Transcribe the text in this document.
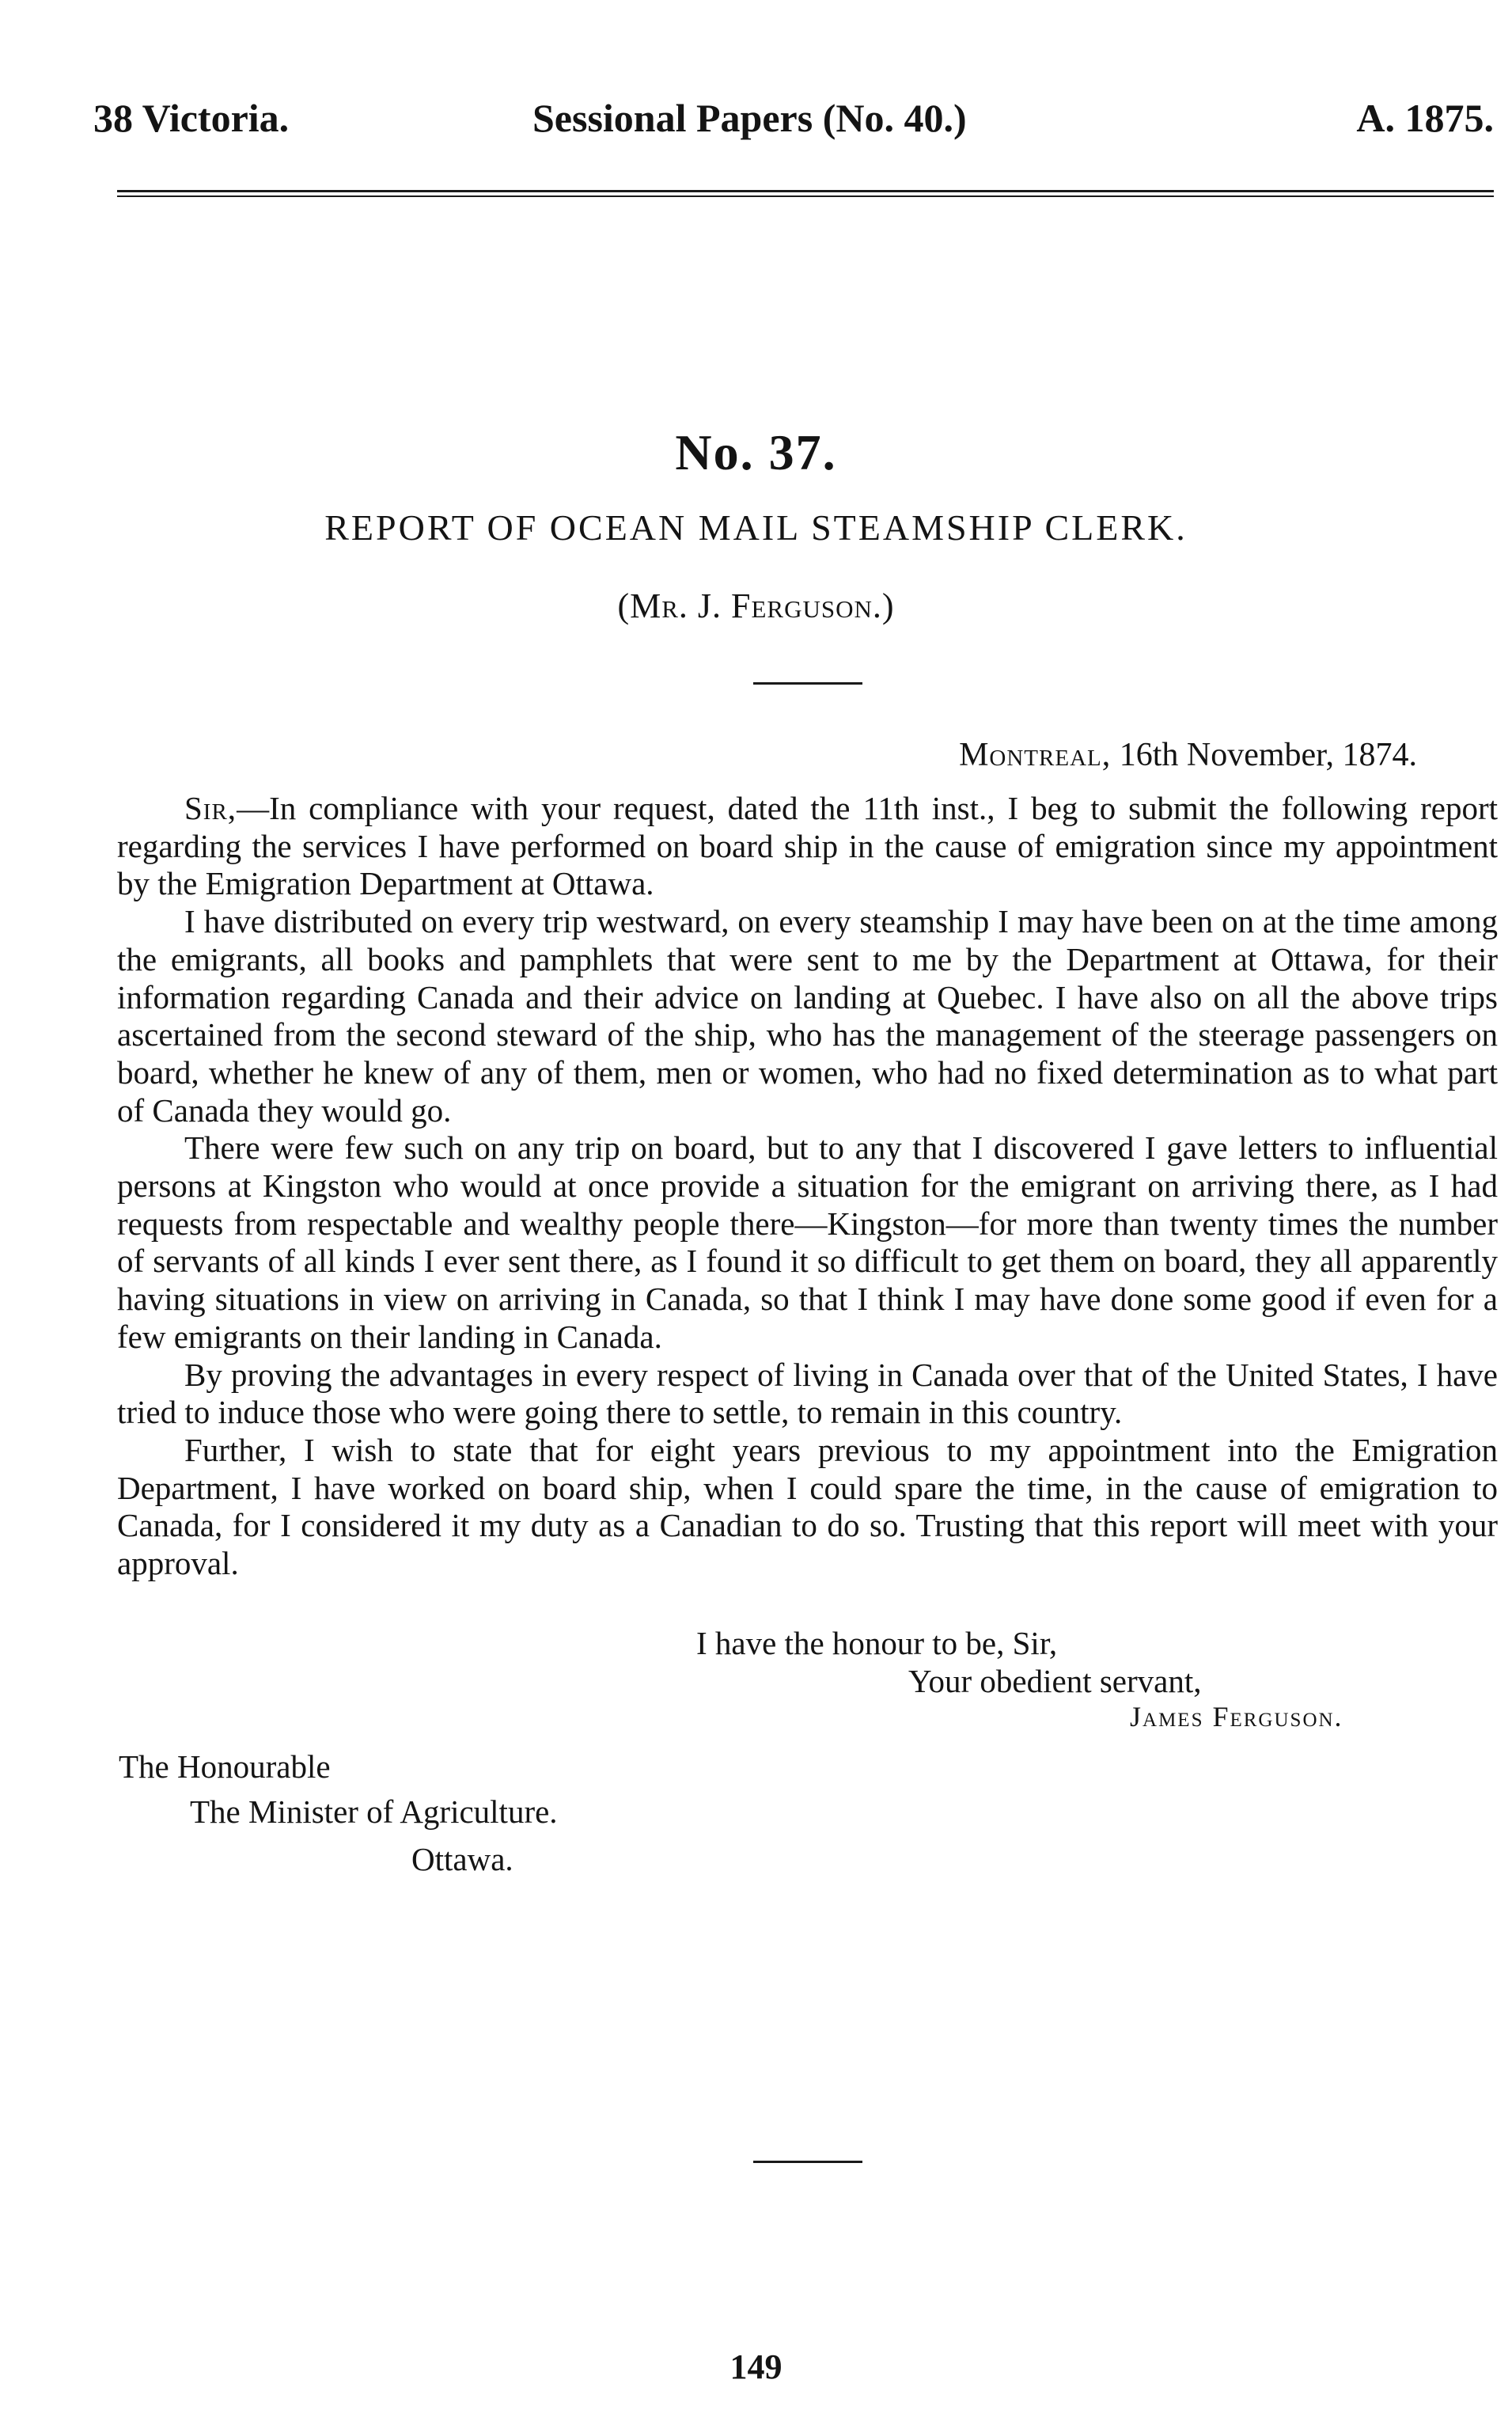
38 Victoria.	Sessional Papers (No. 40.)	A. 1875.
No. 37.
REPORT OF OCEAN MAIL STEAMSHIP CLERK.
(Mr. J. Ferguson.)
Montreal, 16th November, 1874.

Sir,—In compliance with your request, dated the 11th inst., I beg to submit the following report regarding the services I have performed on board ship in the cause of emigration since my appointment by the Emigration Department at Ottawa.

I have distributed on every trip westward, on every steamship I may have been on at the time among the emigrants, all books and pamphlets that were sent to me by the Department at Ottawa, for their information regarding Canada and their advice on landing at Quebec. I have also on all the above trips ascertained from the second steward of the ship, who has the management of the steerage passengers on board, whether he knew of any of them, men or women, who had no fixed determination as to what part of Canada they would go.

There were few such on any trip on board, but to any that I discovered I gave letters to influential persons at Kingston who would at once provide a situation for the emigrant on arriving there, as I had requests from respectable and wealthy people there—Kingston—for more than twenty times the number of servants of all kinds I ever sent there, as I found it so difficult to get them on board, they all apparently having situations in view on arriving in Canada, so that I think I may have done some good if even for a few emigrants on their landing in Canada.

By proving the advantages in every respect of living in Canada over that of the United States, I have tried to induce those who were going there to settle, to remain in this country.

Further, I wish to state that for eight years previous to my appointment into the Emigration Department, I have worked on board ship, when I could spare the time, in the cause of emigration to Canada, for I considered it my duty as a Canadian to do so. Trusting that this report will meet with your approval.

I have the honour to be, Sir,
Your obedient servant,
James Ferguson.
The Honourable
The Minister of Agriculture.
Ottawa.
149
